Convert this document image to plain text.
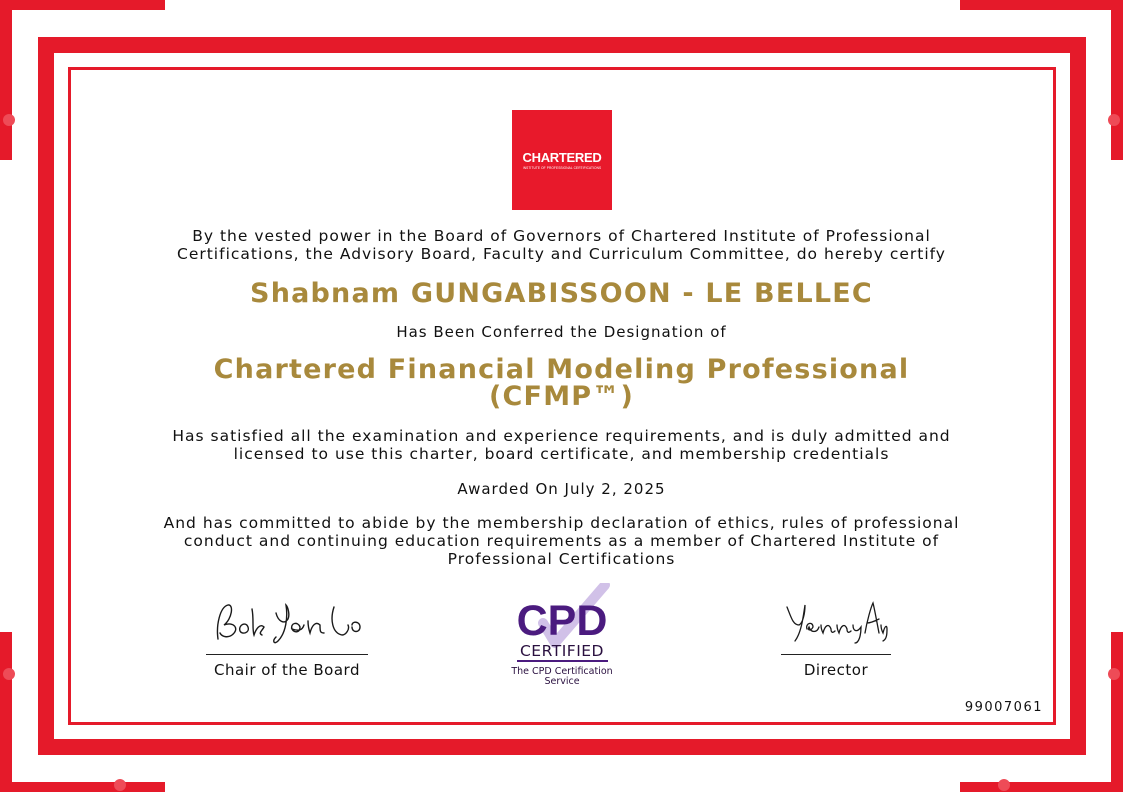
CHARTERED
INSTITUTE OF PROFESSIONAL CERTIFICATIONS
By the vested power in the Board of Governors of Chartered Institute of Professional
Certifications, the Advisory Board, Faculty and Curriculum Committee, do hereby certify
Shabnam GUNGABISSOON - LE BELLEC
Has Been Conferred the Designation of
Chartered Financial Modeling Professional
(CFMP™)
Has satisfied all the examination and experience requirements, and is duly admitted and
licensed to use this charter, board certificate, and membership credentials
Awarded On July 2, 2025
And has committed to abide by the membership declaration of ethics, rules of professional
conduct and continuing education requirements as a member of Chartered Institute of
Professional Certifications
Chair of the Board
CPD
CERTIFIED
The CPD Certification
Service
Director
99007061
